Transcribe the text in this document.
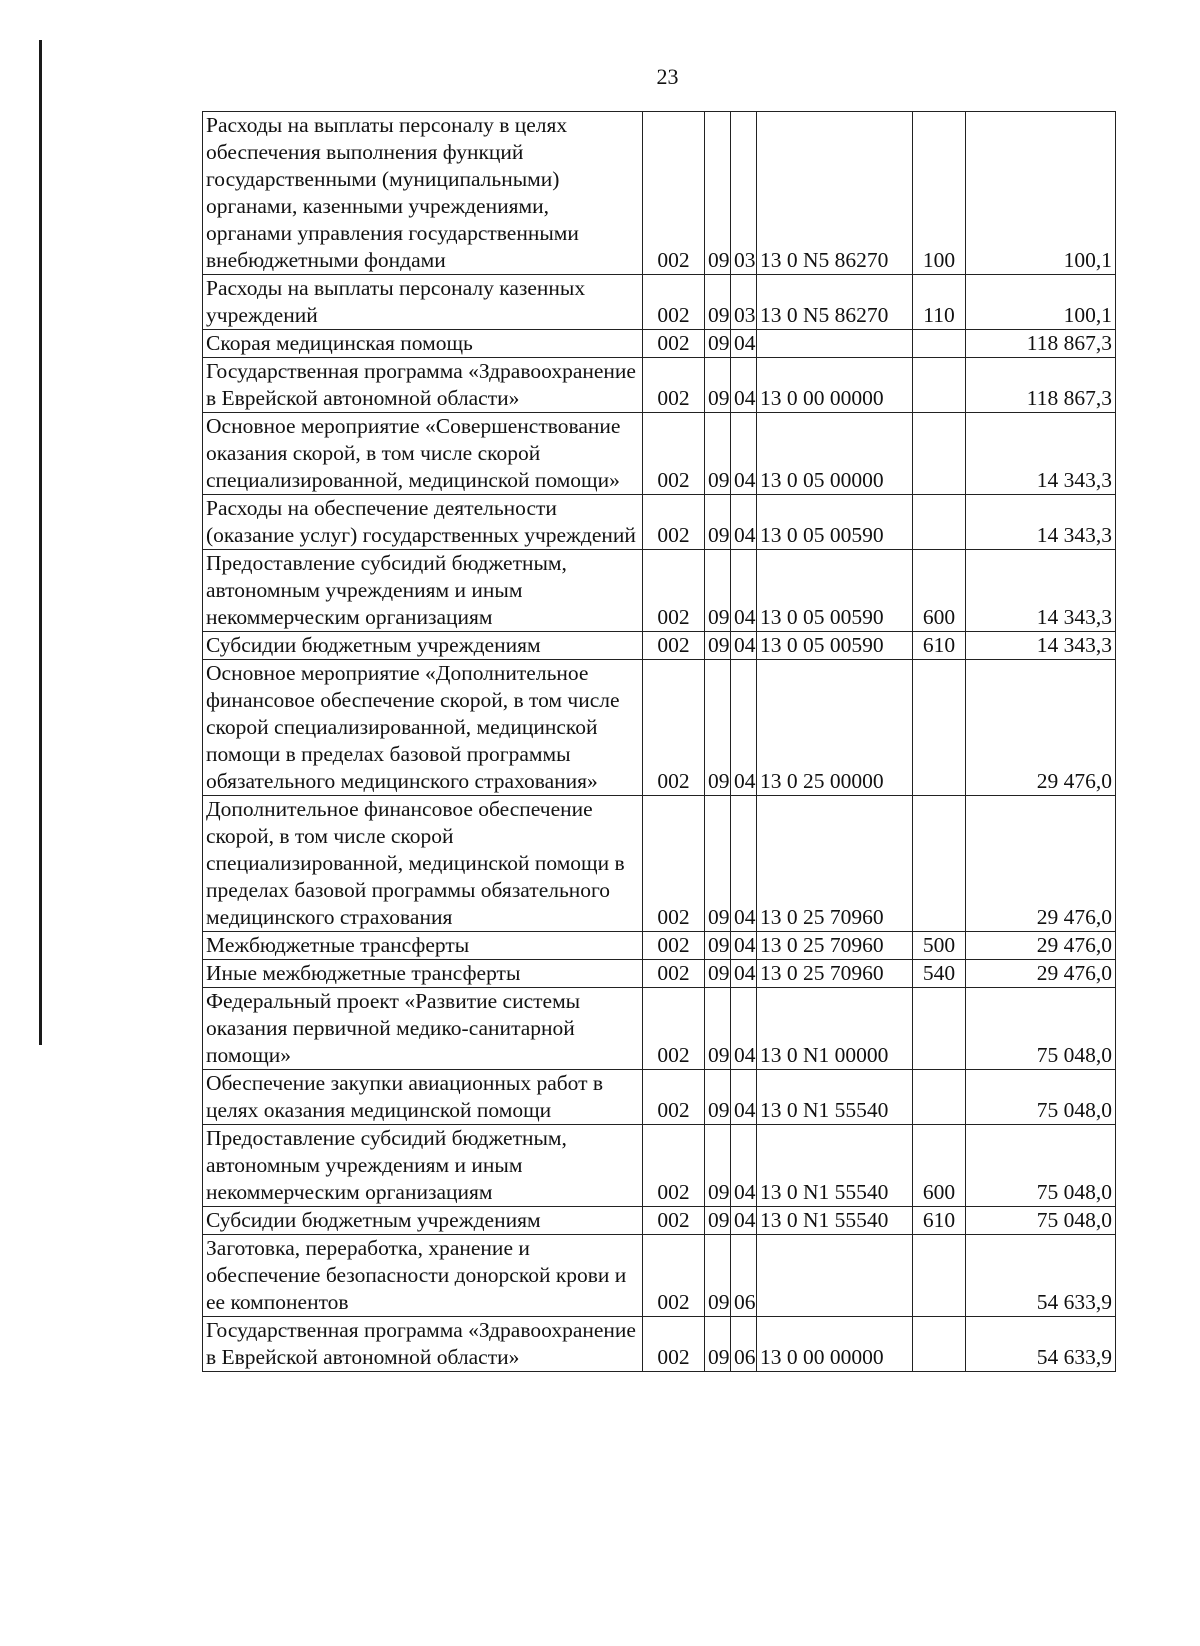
23
Расходы на выплаты персоналу в целях обеспечения выполнения функций государственными (муниципальными) органами, казенными учреждениями, органами управления государственными внебюджетными фондами	002	09	03	13 0 N5 86270	100	100,1
Расходы на выплаты персоналу казенных учреждений	002	09	03	13 0 N5 86270	110	100,1
Скорая медицинская помощь	002	09	04			118 867,3
Государственная программа «Здравоохранение в Еврейской автономной области»	002	09	04	13 0 00 00000		118 867,3
Основное мероприятие «Совершенствование оказания скорой, в том числе скорой специализированной, медицинской помощи»	002	09	04	13 0 05 00000		14 343,3
Расходы на обеспечение деятельности (оказание услуг) государственных учреждений	002	09	04	13 0 05 00590		14 343,3
Предоставление субсидий бюджетным, автономным учреждениям и иным некоммерческим организациям	002	09	04	13 0 05 00590	600	14 343,3
Субсидии бюджетным учреждениям	002	09	04	13 0 05 00590	610	14 343,3
Основное мероприятие «Дополнительное финансовое обеспечение скорой, в том числе скорой специализированной, медицинской помощи в пределах базовой программы обязательного медицинского страхования»	002	09	04	13 0 25 00000		29 476,0
Дополнительное финансовое обеспечение скорой, в том числе скорой специализированной, медицинской помощи в пределах базовой программы обязательного медицинского страхования	002	09	04	13 0 25 70960		29 476,0
Межбюджетные трансферты	002	09	04	13 0 25 70960	500	29 476,0
Иные межбюджетные трансферты	002	09	04	13 0 25 70960	540	29 476,0
Федеральный проект «Развитие системы оказания первичной медико-санитарной помощи»	002	09	04	13 0 N1 00000		75 048,0
Обеспечение закупки авиационных работ в целях оказания медицинской помощи	002	09	04	13 0 N1 55540		75 048,0
Предоставление субсидий бюджетным, автономным учреждениям и иным некоммерческим организациям	002	09	04	13 0 N1 55540	600	75 048,0
Субсидии бюджетным учреждениям	002	09	04	13 0 N1 55540	610	75 048,0
Заготовка, переработка, хранение и обеспечение безопасности донорской крови и ее компонентов	002	09	06			54 633,9
Государственная программа «Здравоохранение в Еврейской автономной области»	002	09	06	13 0 00 00000		54 633,9
